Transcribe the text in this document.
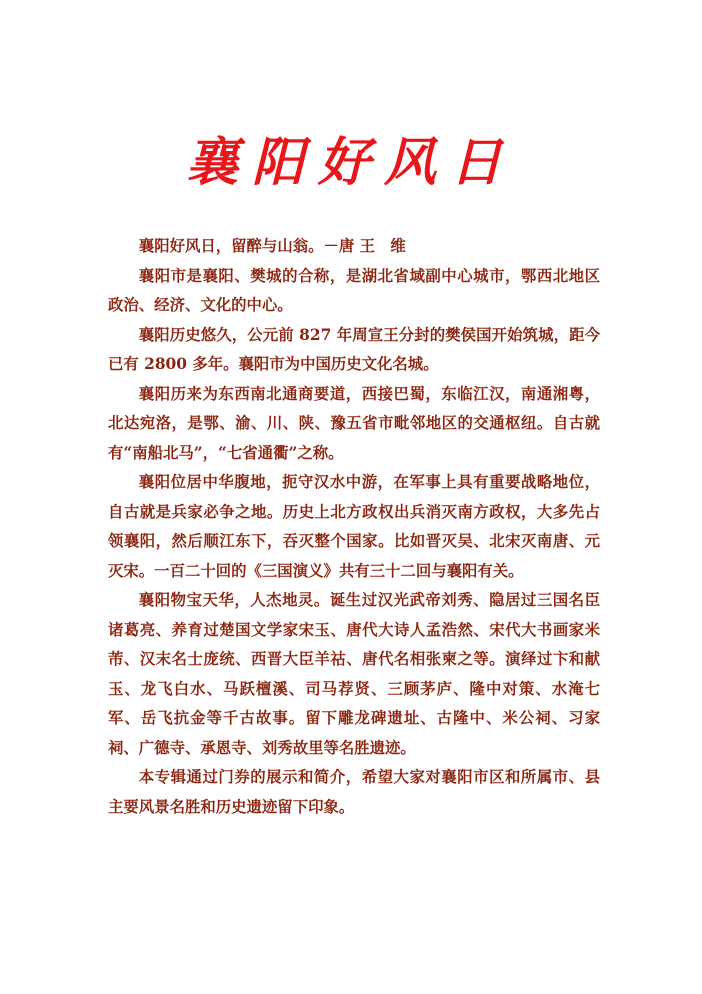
襄阳好风日

襄阳好风日，留醉与山翁。－唐 王　维

襄阳市是襄阳、樊城的合称，是湖北省域副中心城市，鄂西北地区政治、经济、文化的中心。

襄阳历史悠久，公元前 827 年周宣王分封的樊侯国开始筑城，距今已有 2800 多年。襄阳市为中国历史文化名城。

襄阳历来为东西南北通商要道，西接巴蜀，东临江汉，南通湘粤，北达宛洛，是鄂、渝、川、陕、豫五省市毗邻地区的交通枢纽。自古就有“南船北马”，“七省通衢”之称。

襄阳位居中华腹地，扼守汉水中游，在军事上具有重要战略地位，自古就是兵家必争之地。历史上北方政权出兵消灭南方政权，大多先占领襄阳，然后顺江东下，吞灭整个国家。比如晋灭吴、北宋灭南唐、元灭宋。一百二十回的《三国演义》共有三十二回与襄阳有关。

襄阳物宝天华，人杰地灵。诞生过汉光武帝刘秀、隐居过三国名臣诸葛亮、养育过楚国文学家宋玉、唐代大诗人孟浩然、宋代大书画家米芾、汉末名士庞统、西晋大臣羊祜、唐代名相张柬之等。演绎过卞和献玉、龙飞白水、马跃檀溪、司马荐贤、三顾茅庐、隆中对策、水淹七军、岳飞抗金等千古故事。留下雕龙碑遗址、古隆中、米公祠、习家祠、广德寺、承恩寺、刘秀故里等名胜遗迹。

本专辑通过门券的展示和简介，希望大家对襄阳市区和所属市、县主要风景名胜和历史遗迹留下印象。
